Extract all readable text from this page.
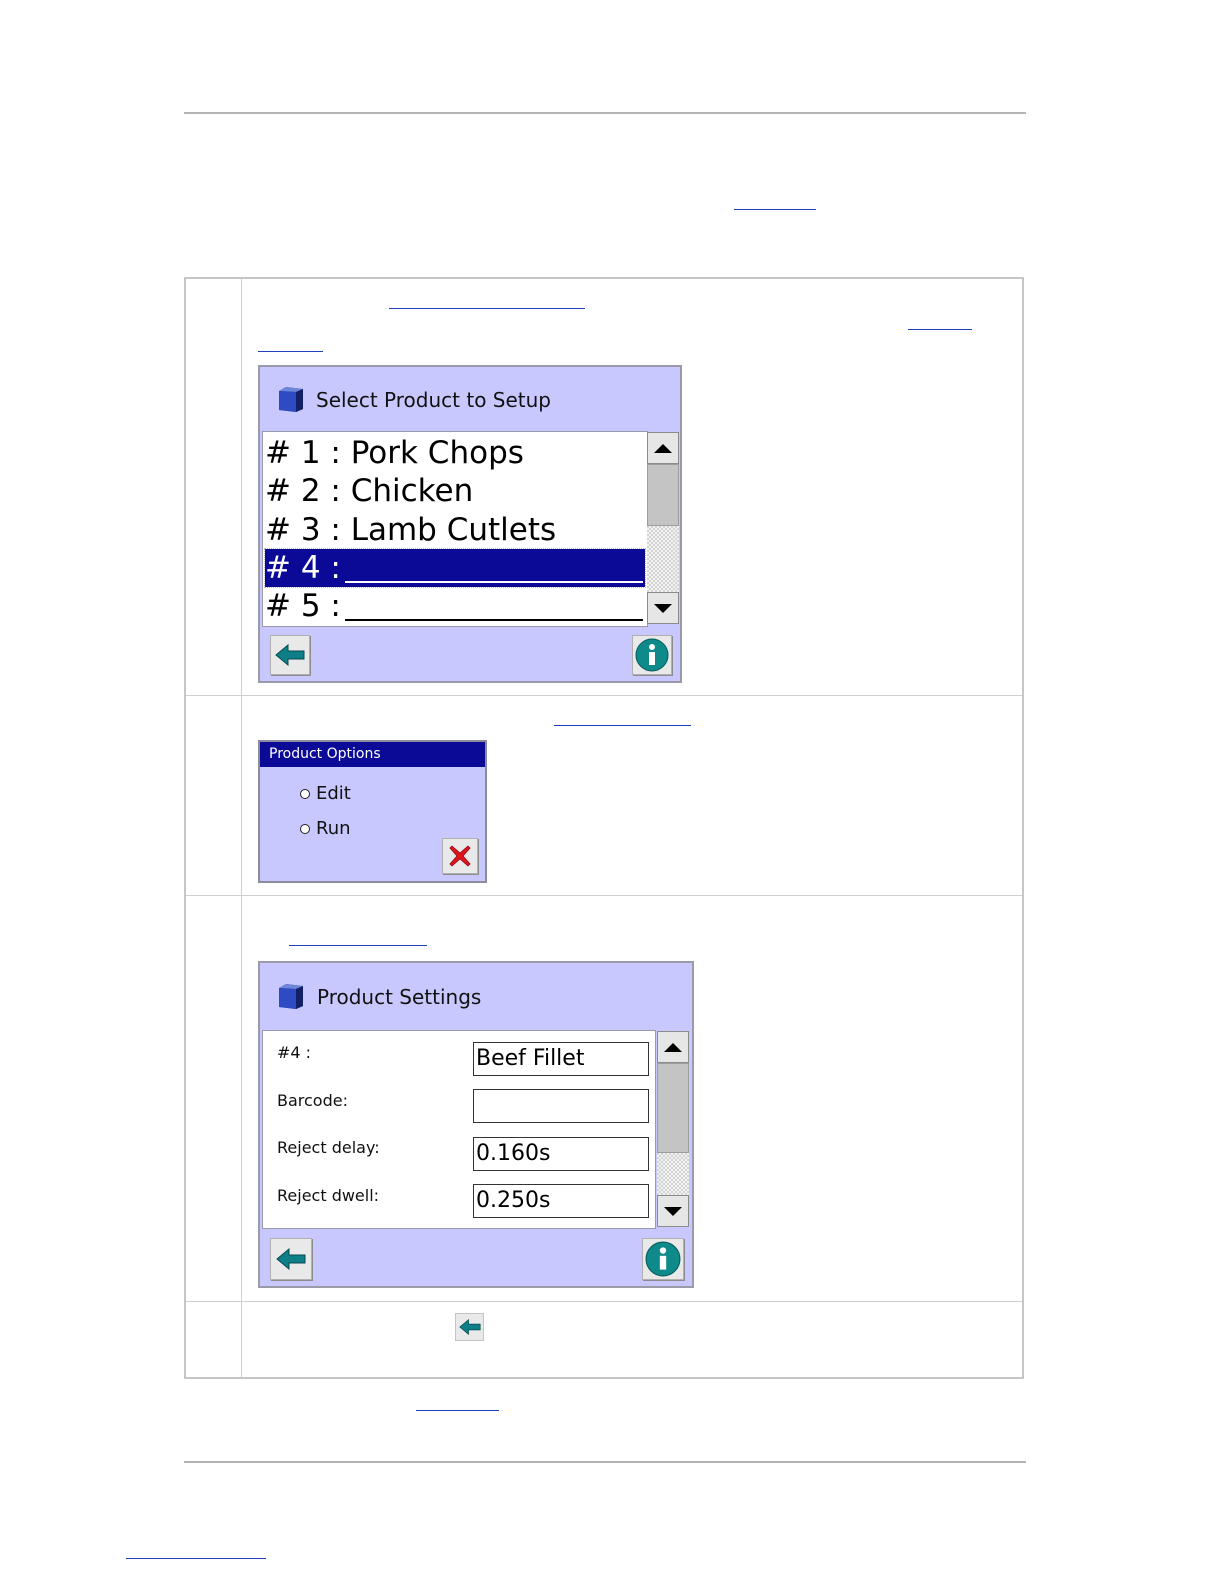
Select Product to Setup
# 1 : Pork Chops
# 2 : Chicken
# 3 : Lamb Cutlets
# 4 :
# 5 :
Product Options
Edit
Run
Product Settings
#4 :	Beef Fillet
Barcode:
Reject delay:	0.160s
Reject dwell:	0.250s
